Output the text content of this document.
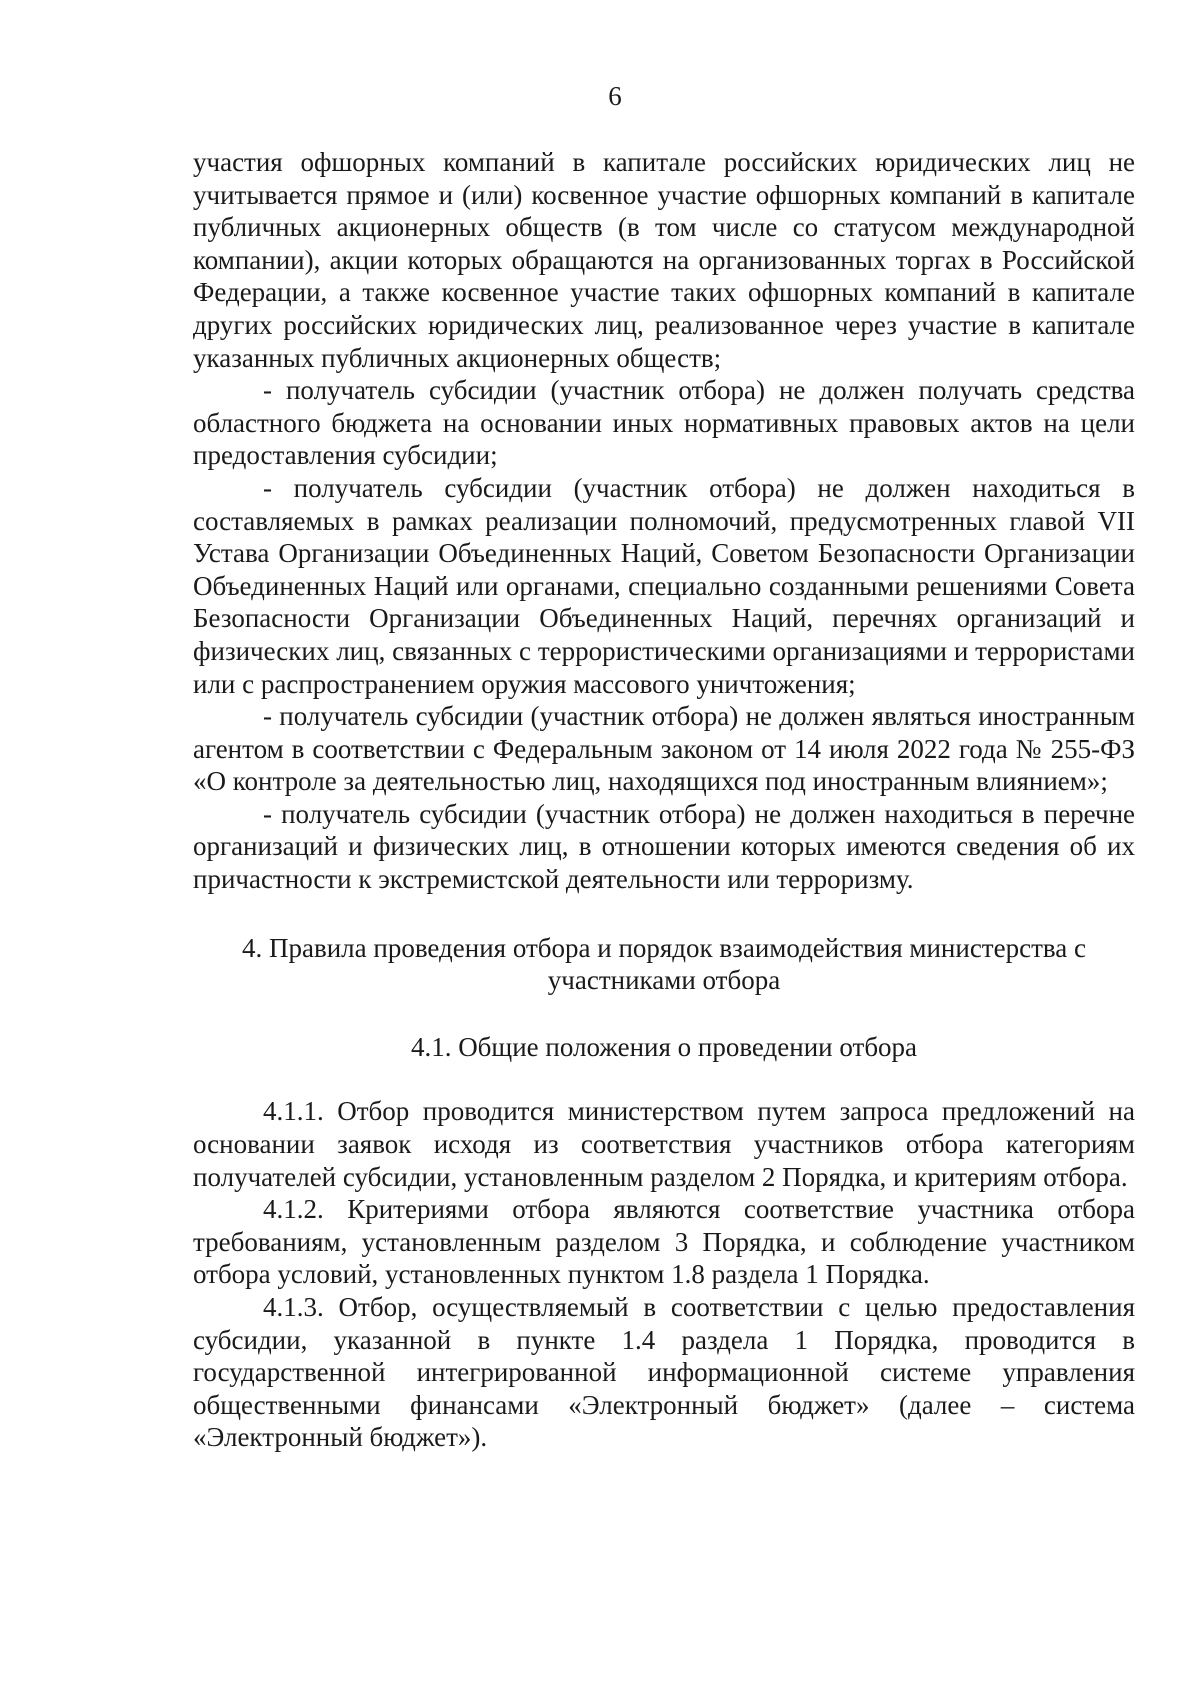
6

участия офшорных компаний в капитале российских юридических лиц не учитывается прямое и (или) косвенное участие офшорных компаний в капитале публичных акционерных обществ (в том числе со статусом международной компании), акции которых обращаются на организованных торгах в Российской Федерации, а также косвенное участие таких офшорных компаний в капитале других российских юридических лиц, реализованное через участие в капитале указанных публичных акционерных обществ;

- получатель субсидии (участник отбора) не должен получать средства областного бюджета на основании иных нормативных правовых актов на цели предоставления субсидии;

- получатель субсидии (участник отбора) не должен находиться в составляемых в рамках реализации полномочий, предусмотренных главой VII Устава Организации Объединенных Наций, Советом Безопасности Организации Объединенных Наций или органами, специально созданными решениями Совета Безопасности Организации Объединенных Наций, перечнях организаций и физических лиц, связанных с террористическими организациями и террористами или с распространением оружия массового уничтожения;

- получатель субсидии (участник отбора) не должен являться иностранным агентом в соответствии с Федеральным законом от 14 июля 2022 года № 255-ФЗ «О контроле за деятельностью лиц, находящихся под иностранным влиянием»;

- получатель субсидии (участник отбора) не должен находиться в перечне организаций и физических лиц, в отношении которых имеются сведения об их причастности к экстремистской деятельности или терроризму.

4. Правила проведения отбора и порядок взаимодействия министерства с участниками отбора

4.1. Общие положения о проведении отбора

4.1.1. Отбор проводится министерством путем запроса предложений на основании заявок исходя из соответствия участников отбора категориям получателей субсидии, установленным разделом 2 Порядка, и критериям отбора.

4.1.2. Критериями отбора являются соответствие участника отбора требованиям, установленным разделом 3 Порядка, и соблюдение участником отбора условий, установленных пунктом 1.8 раздела 1 Порядка.

4.1.3. Отбор, осуществляемый в соответствии с целью предоставления субсидии, указанной в пункте 1.4 раздела 1 Порядка, проводится в государственной интегрированной информационной системе управления общественными финансами «Электронный бюджет» (далее – система «Электронный бюджет»).
